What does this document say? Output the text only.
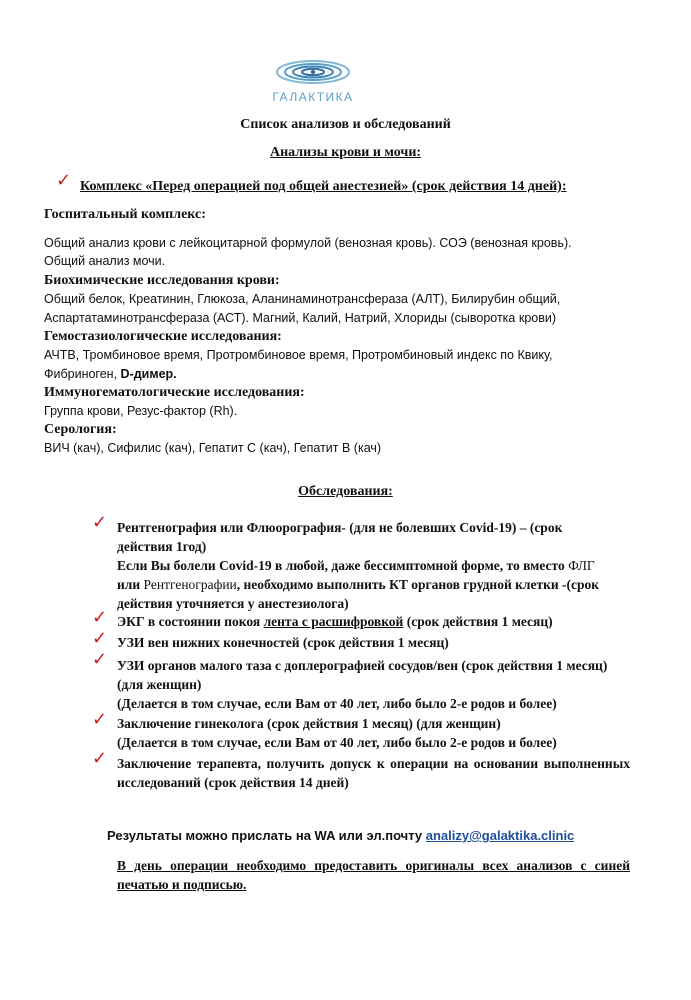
ГАЛАКТИКА
Список анализов и обследований
Анализы крови и мочи:
✓ Комплекс «Перед операцией под общей анестезией» (срок действия 14 дней):
Госпитальный комплекс:
Общий анализ крови с лейкоцитарной формулой (венозная кровь). СОЭ (венозная кровь).
Общий анализ мочи.
Биохимические исследования крови:
Общий белок, Креатинин, Глюкоза, Аланинаминотрансфераза (АЛТ), Билирубин общий,
Аспартатаминотрансфераза (АСТ). Магний, Калий, Натрий, Хлориды (сыворотка крови)
Гемостазиологические исследования:
АЧТВ, Тромбиновое время, Протромбиновое время, Протромбиновый индекс по Квику,
Фибриноген, D-димер.
Иммуногематологические исследования:
Группа крови, Резус-фактор (Rh).
Серология:
ВИЧ (кач), Сифилис (кач), Гепатит С (кач), Гепатит В (кач)
Обследования:
✓ Рентгенография или Флюорография- (для не болевших Covid-19) – (срок
действия 1год)
Если Вы болели Covid-19 в любой, даже бессимптомной форме, то вместо ФЛГ
или Рентгенографии, необходимо выполнить КТ органов грудной клетки -(срок
действия уточняется у анестезиолога)
✓ ЭКГ в состоянии покоя лента с расшифровкой (срок действия 1 месяц)
✓ УЗИ вен нижних конечностей (срок действия 1 месяц)
✓ УЗИ органов малого таза с доплерографией сосудов/вен (срок действия 1 месяц)
(для женщин)
(Делается в том случае, если Вам от 40 лет, либо было 2-е родов и более)
✓ Заключение гинеколога (срок действия 1 месяц) (для женщин)
(Делается в том случае, если Вам от 40 лет, либо было 2-е родов и более)
✓ Заключение терапевта, получить допуск к операции на основании выполненных исследований (срок действия 14 дней)
Результаты можно прислать на WA или эл.почту analizy@galaktika.clinic
В день операции необходимо предоставить оригиналы всех анализов с синей печатью и подписью.
